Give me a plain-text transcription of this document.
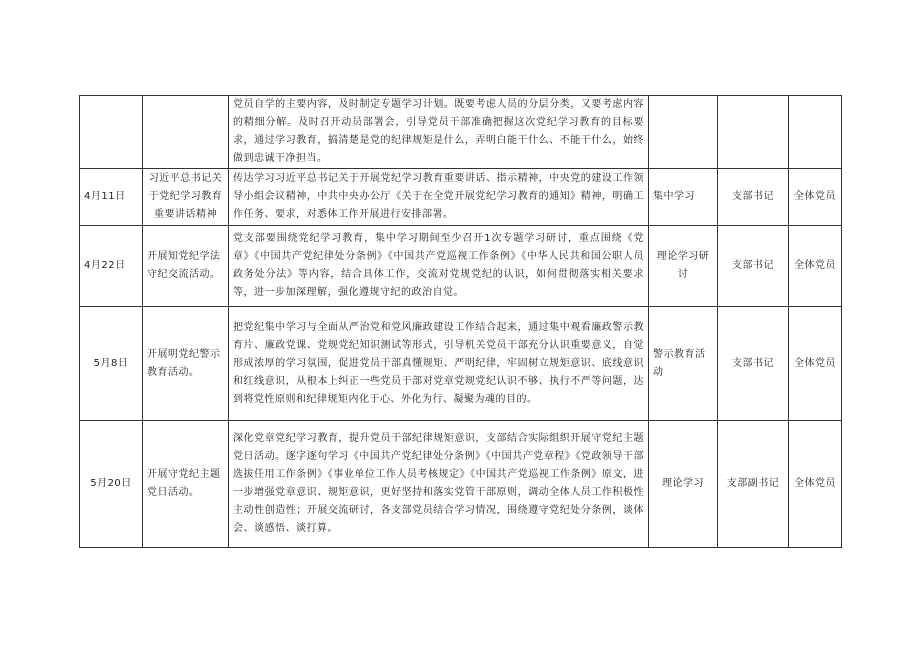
		党员自学的主要内容，及时制定专题学习计划。既要考虑人员的分层分类，又要考虑内容的精细分解。及时召开动员部署会，引导党员干部准确把握这次党纪学习教育的目标要求，通过学习教育，搞清楚是党的纪律规矩是什么，弄明白能干什么、不能干什么，始终做到忠诚干净担当。			
4月11日	习近平总书记关于党纪学习教育重要讲话精神	传达学习习近平总书记关于开展党纪学习教育重要讲话、指示精神，中央党的建设工作领导小组会议精神，中共中央办公厅《关于在全党开展党纪学习教育的通知》精神，明确工作任务、要求，对悉体工作开展进行安排部署。	集中学习	支部书记	全体党员
4月22日	开展知党纪学法守纪交流活动。	党支部要围绕党纪学习教育，集中学习期间至少召开1次专题学习研讨，重点围绕《党章》《中国共产党纪律处分条例》《中国共产党巡视工作条例》《中华人民共和国公职人员政务处分法》等内容，结合具体工作，交流对党规党纪的认识，如何贯彻落实相关要求等，进一步加深理解，强化遵规守纪的政治自觉。	理论学习研讨	支部书记	全体党员
5月8日	开展明党纪警示教育活动。	把党纪集中学习与全面从严治党和党风廉政建设工作结合起来，通过集中观看廉政警示教育片、廉政党课、党规党纪知识测试等形式，引导机关党员干部充分认识重要意义，自觉形成浓厚的学习氛围，促进党员干部真懂规矩、严明纪律，牢固树立规矩意识、底线意识和红线意识，从根本上纠正一些党员干部对党章党规党纪认识不够、执行不严等问题，达到将党性原则和纪律规矩内化于心、外化为行、凝聚为魂的目的。	警示教育活动	支部书记	全体党员
5月20日	开展守党纪主题党日活动。	深化党章党纪学习教育，提升党员干部纪律规矩意识，支部结合实际组织开展守党纪主题党日活动。逐字逐句学习《中国共产党纪律处分条例》《中国共产党章程》《党政领导干部选拔任用工作条例》《事业单位工作人员考核规定》《中国共产党巡视工作条例》原文，进一步增强党章意识、规矩意识，更好坚持和落实党管干部原则，调动全体人员工作积极性主动性创造性；开展交流研讨，各支部党员结合学习情况，围绕遵守党纪处分条例，谈体会、谈感悟、谈打算。	理论学习	支部副书记	全体党员
